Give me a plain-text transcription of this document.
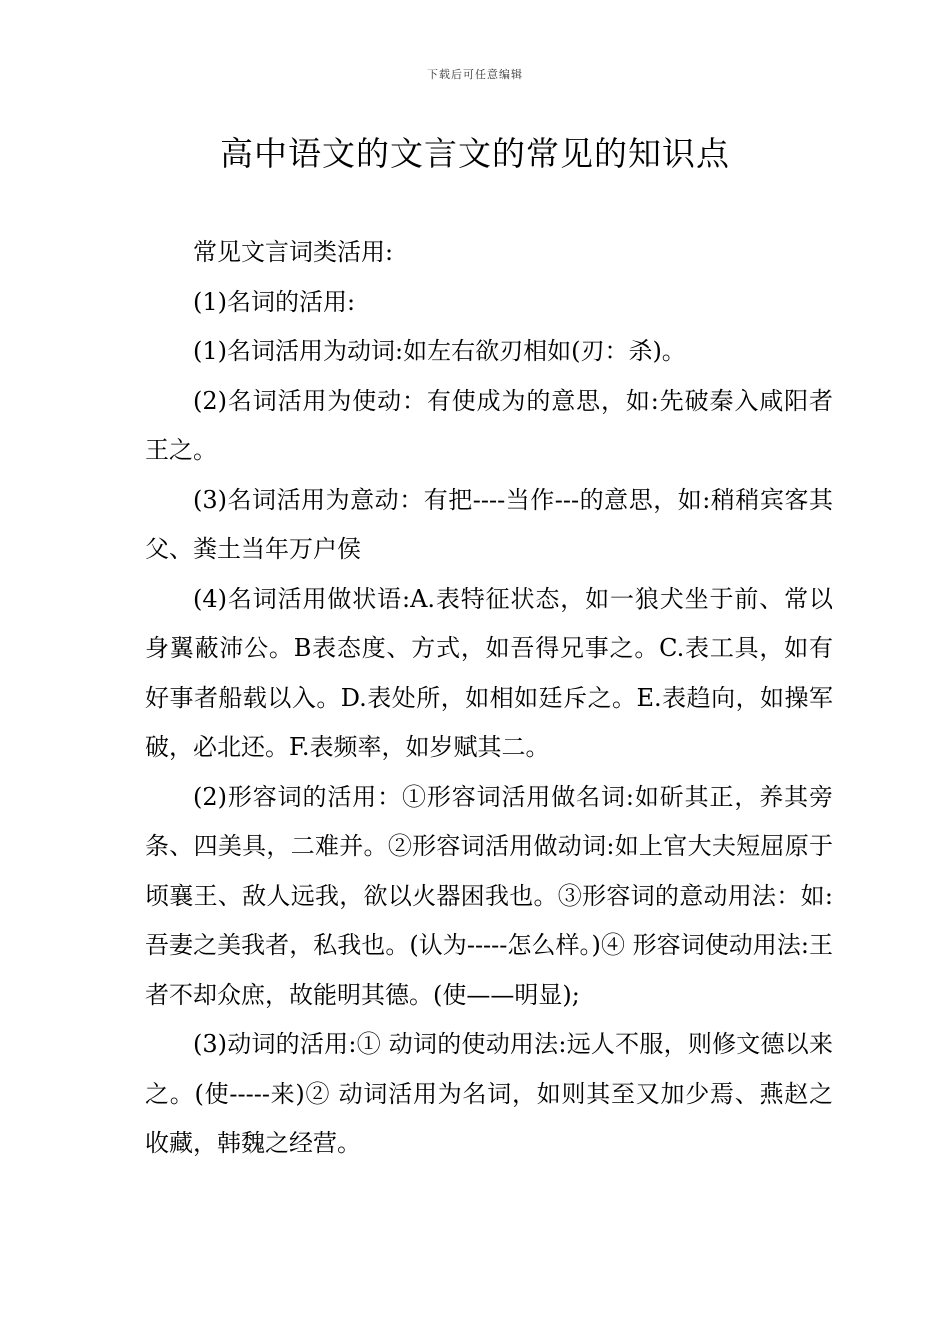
下载后可任意编辑
高中语文的文言文的常见的知识点

常见文言词类活用:

(1)名词的活用:

(1)名词活用为动词:如左右欲刃相如(刃：杀)。

(2)名词活用为使动：有使成为的意思，如:先破秦入咸阳者王之。

(3)名词活用为意动：有把----当作---的意思，如:稍稍宾客其父、粪土当年万户侯

(4)名词活用做状语:A.表特征状态，如一狼犬坐于前、常以身翼蔽沛公。B表态度、方式，如吾得兄事之。C.表工具，如有好事者船载以入。D.表处所，如相如廷斥之。E.表趋向，如操军破，必北还。F.表频率，如岁赋其二。

(2)形容词的活用：①形容词活用做名词:如斫其正，养其旁条、四美具，二难并。②形容词活用做动词:如上官大夫短屈原于顷襄王、敌人远我，欲以火器困我也。③形容词的意动用法：如:吾妻之美我者，私我也。(认为-----怎么样。)④ 形容词使动用法:王者不却众庶，故能明其德。(使——明显);

(3)动词的活用:① 动词的使动用法:远人不服，则修文德以来之。(使-----来)② 动词活用为名词，如则其至又加少焉、燕赵之收藏，韩魏之经营。
